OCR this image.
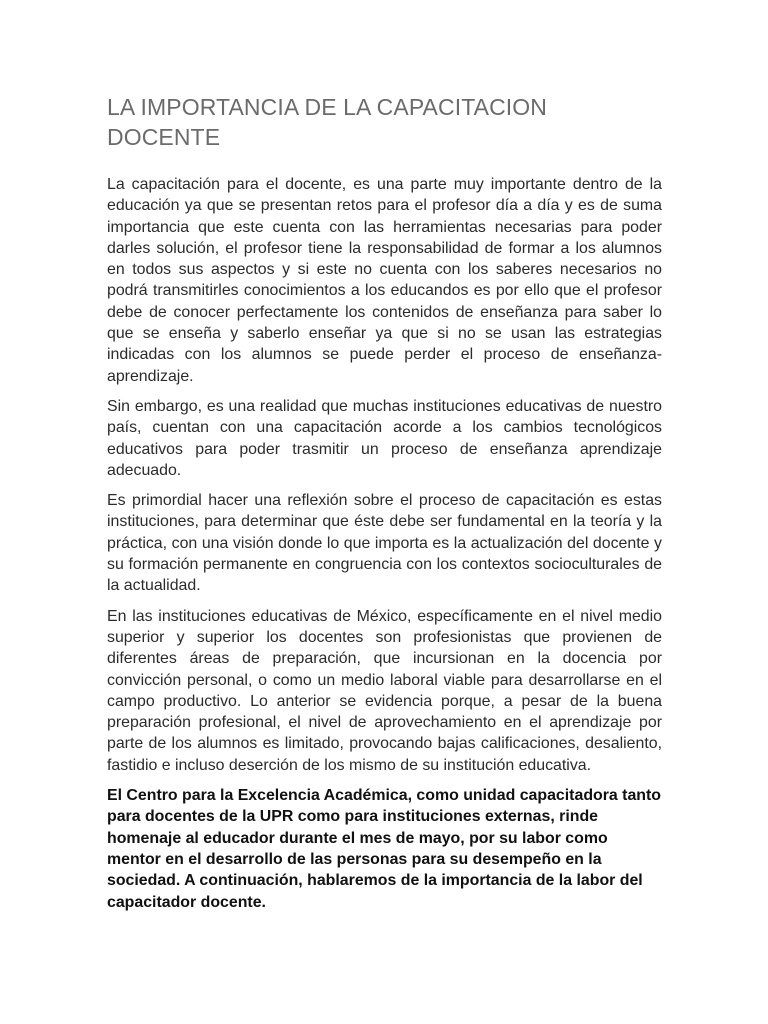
LA IMPORTANCIA DE LA CAPACITACION DOCENTE

La capacitación para el docente, es una parte muy importante dentro de la educación ya que se presentan retos para el profesor día a día y es de suma importancia que este cuenta con las herramientas necesarias para poder darles solución, el profesor tiene la responsabilidad de formar a los alumnos en todos sus aspectos y si este no cuenta con los saberes necesarios no podrá transmitirles conocimientos a los educandos es por ello que el profesor debe de conocer perfectamente los contenidos de enseñanza para saber lo que se enseña y saberlo enseñar ya que si no se usan las estrategias indicadas con los alumnos se puede perder el proceso de enseñanza-aprendizaje.

Sin embargo, es una realidad que muchas instituciones educativas de nuestro país, cuentan con una capacitación acorde a los cambios tecnológicos educativos para poder trasmitir un proceso de enseñanza aprendizaje adecuado.

Es primordial hacer una reflexión sobre el proceso de capacitación es estas instituciones, para determinar que éste debe ser fundamental en la teoría y la práctica, con una visión donde lo que importa es la actualización del docente y su formación permanente en congruencia con los contextos socioculturales de la actualidad.

En las instituciones educativas de México, específicamente en el nivel medio superior y superior los docentes son profesionistas que provienen de diferentes áreas de preparación, que incursionan en la docencia por convicción personal, o como un medio laboral viable para desarrollarse en el campo productivo. Lo anterior se evidencia porque, a pesar de la buena preparación profesional, el nivel de aprovechamiento en el aprendizaje por parte de los alumnos es limitado, provocando bajas calificaciones, desaliento, fastidio e incluso deserción de los mismo de su institución educativa.

El Centro para la Excelencia Académica, como unidad capacitadora tanto para docentes de la UPR como para instituciones externas, rinde homenaje al educador durante el mes de mayo, por su labor como mentor en el desarrollo de las personas para su desempeño en la sociedad. A continuación, hablaremos de la importancia de la labor del capacitador docente.
